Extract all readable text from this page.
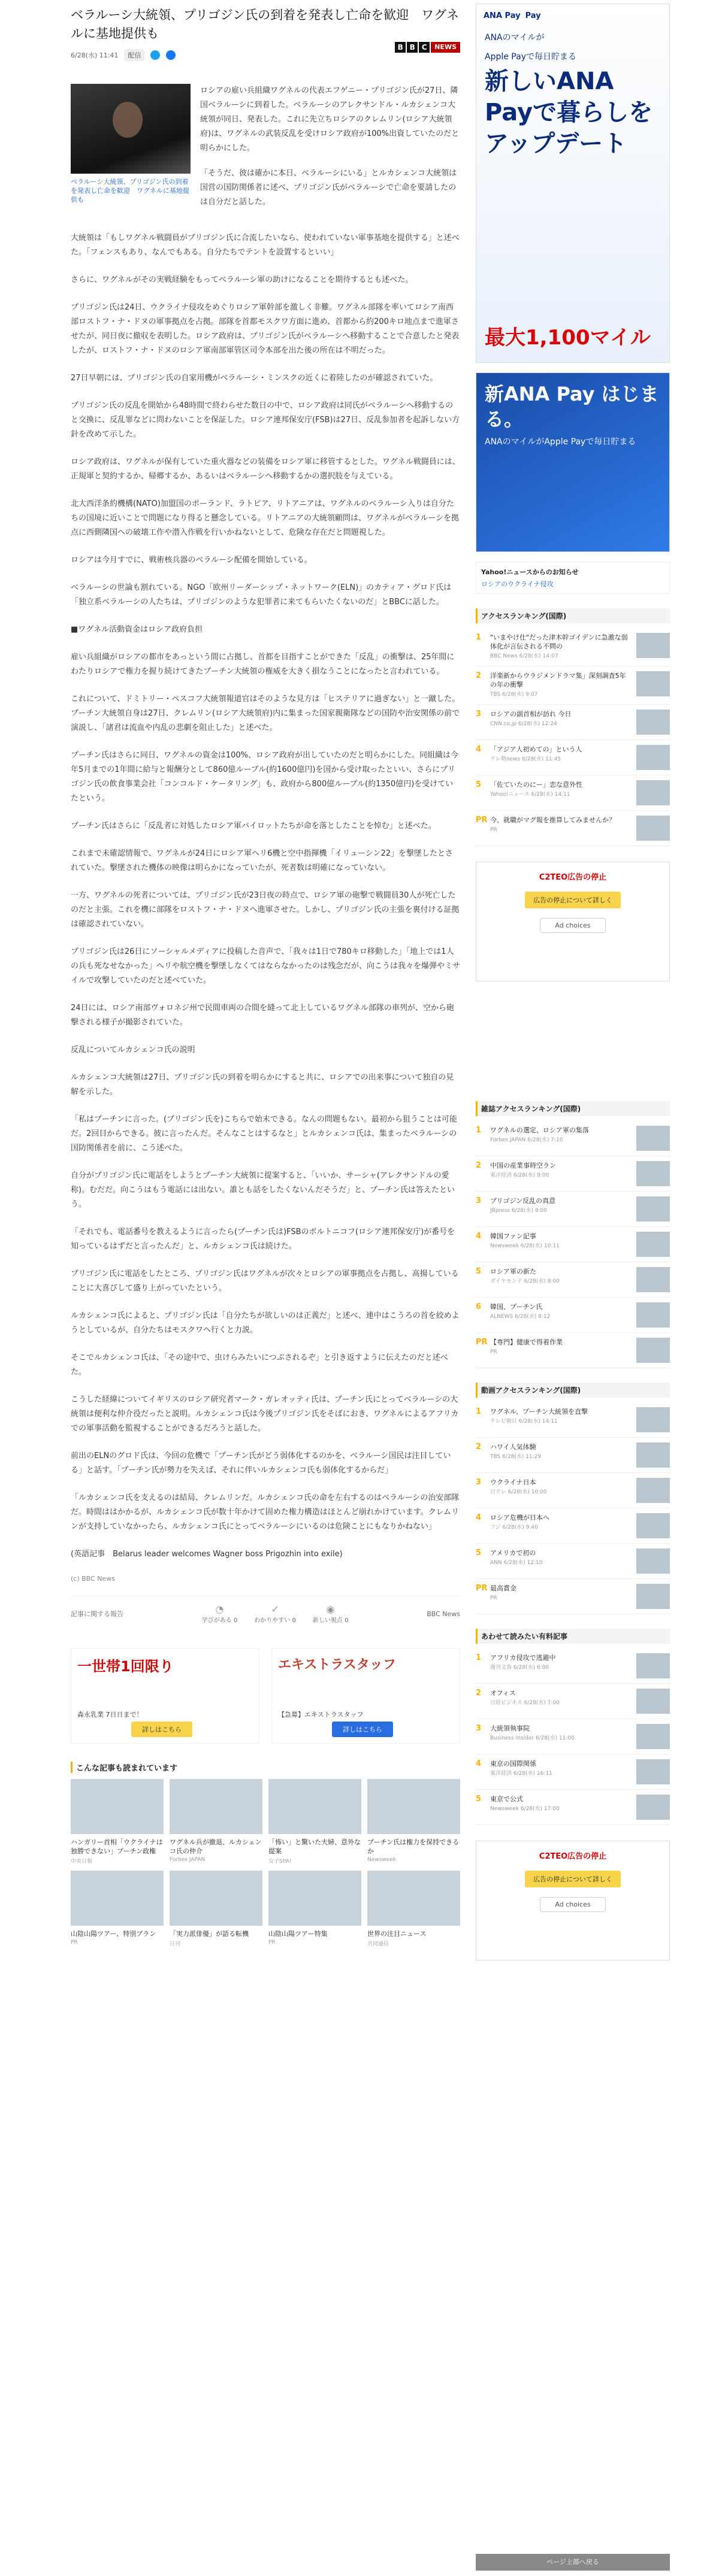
ベラルーシ大統領、プリゴジン氏の到着を発表し亡命を歓迎　ワグネルに基地提供も
6/28(水) 11:41	配信
B B C	NEWS
ベラルーシ大統領、プリゴジン氏の到着を発表し亡命を歓迎　ワグネルに基地提供も

ロシアの雇い兵組織ワグネルの代表エフゲニー・プリゴジン氏が27日、隣国ベラルーシに到着した。ベラルーシのアレクサンドル・ルカシェンコ大統領が同日、発表した。これに先立ちロシアのクレムリン(ロシア大統領府)は、ワグネルの武装反乱を受けロシア政府が100%出資していたのだと明らかにした。

「そうだ、彼は確かに本日、ベラルーシにいる」とルカシェンコ大統領は国営の国防関係者に述べ、プリゴジン氏がベラルーシで亡命を要請したのは自分だと話した。

大統領は「もしワグネル戦闘員がプリゴジン氏に合流したいなら、使われていない軍事基地を提供する」と述べた。「フェンスもあり、なんでもある。自分たちでテントを設置するといい」

さらに、ワグネルがその実戦経験をもってベラルーシ軍の助けになることを期待するとも述べた。

プリゴジン氏は24日、ウクライナ侵攻をめぐりロシア軍幹部を激しく非難。ワグネル部隊を率いてロシア南西部ロストフ・ナ・ドヌの軍事拠点を占拠。部隊を首都モスクワ方面に進め、首都から約200キロ地点まで進軍させたが、同日夜に撤収を表明した。ロシア政府は、プリゴジン氏がベラルーシへ移動することで合意したと発表したが、ロストフ・ナ・ドヌのロシア軍南部軍管区司令本部を出た後の所在は不明だった。

27日早朝には、プリゴジン氏の自家用機がベラルーシ・ミンスクの近くに着陸したのが確認されていた。

プリゴジン氏の反乱を開始から48時間で終わらせた数日の中で、ロシア政府は同氏がベラルーシへ移動するのと交換に、反乱罪などに問わないことを保証した。ロシア連邦保安庁(FSB)は27日、反乱参加者を起訴しない方針を改めて示した。

ロシア政府は、ワグネルが保有していた重火器などの装備をロシア軍に移管するとした。ワグネル戦闘員には、正規軍と契約するか、帰郷するか、あるいはベラルーシへ移動するかの選択肢を与えている。

北大西洋条約機構(NATO)加盟国のポーランド、ラトビア、リトアニアは、ワグネルのベラルーシ入りは自分たちの国境に近いことで問題になり得ると懸念している。リトアニアの大統領顧問は、ワグネルがベラルーシを拠点に西側隣国への破壊工作や潜入作戦を行いかねないとして、危険な存在だと問題視した。

ロシアは今月すでに、戦術核兵器のベラルーシ配備を開始している。

ベラルーシの世論も割れている。NGO「欧州リーダーシップ・ネットワーク(ELN)」のカティア・グロド氏は「独立系ベラルーシの人たちは、プリゴジンのような犯罪者に来てもらいたくないのだ」とBBCに話した。

■ワグネル活動資金はロシア政府負担

雇い兵組織がロシアの都市をあっという間に占拠し、首都を目指すことができた「反乱」の衝撃は、25年間にわたりロシアで権力を握り続けてきたプーチン大統領の権威を大きく損なうことになったと言われている。

これについて、ドミトリー・ペスコフ大統領報道官はそのような見方は「ヒステリアに過ぎない」と一蹴した。プーチン大統領自身は27日、クレムリン(ロシア大統領府)内に集まった国家親衛隊などの国防や治安関係の前で演説し、「諸君は流血や内乱の悲劇を阻止した」と述べた。

プーチン氏はさらに同日、ワグネルの資金は100%、ロシア政府が出していたのだと明らかにした。同組織は今年5月までの1年間に給与と報酬分として860億ルーブル(約1600億円)を国から受け取ったといい、さらにプリゴジン氏の飲食事業会社「コンコルド・ケータリング」も、政府から800億ルーブル(約1350億円)を受けていたという。

プーチン氏はさらに「反乱者に対処したロシア軍パイロットたちが命を落としたことを悼む」と述べた。

これまで未確認情報で、ワグネルが24日にロシア軍ヘリ6機と空中指揮機「イリューシン22」を撃墜したとされていた。撃墜された機体の映像は明らかになっていたが、死者数は明確になっていない。

一方、ワグネルの死者については、プリゴジン氏が23日夜の時点で、ロシア軍の砲撃で戦闘員30人が死亡したのだと主張。これを機に部隊をロストフ・ナ・ドヌへ進軍させた。しかし、プリゴジン氏の主張を裏付ける証拠は確認されていない。

プリゴジン氏は26日にソーシャルメディアに投稿した音声で、「我々は1日で780キロ移動した」「地上では1人の兵も死なせなかった」へリや航空機を撃墜しなくてはならなかったのは残念だが、向こうは我々を爆弾やミサイルで攻撃していたのだと述べていた。

24日には、ロシア南部ヴォロネジ州で民間車両の合間を縫って北上しているワグネル部隊の車列が、空から砲撃される様子が撮影されていた。

反乱についてルカシェンコ氏の説明

ルカシェンコ大統領は27日、プリゴジン氏の到着を明らかにすると共に、ロシアでの出来事について独自の見解を示した。

「私はプーチンに言った。(プリゴジン氏を)こちらで始末できる。なんの問題もない。最初から狙うことは可能だ。2回目からできる。彼に言ったんだ。そんなことはするなと」とルカシェンコ氏は、集まったベラルーシの国防関係者を前に、こう述べた。

自分がプリゴジン氏に電話をしようとプーチン大統領に提案すると、「いいか、サーシャ(アレクサンドルの愛称)。むだだ。向こうはもう電話には出ない。誰とも話をしたくないんだそうだ」と、プーチン氏は答えたという。

「それでも、電話番号を教えるように言ったら(プーチン氏は)FSBのボルトニコフ(ロシア連邦保安庁)が番号を知っているはずだと言ったんだ」と、ルカシェンコ氏は続けた。

プリゴジン氏に電話をしたところ、プリゴジン氏はワグネルが次々とロシアの軍事拠点を占拠し、高揚していることに大喜びして盛り上がっていたという。

ルカシェンコ氏によると、プリゴジン氏は「自分たちが欲しいのは正義だ」と述べ、連中はこうろの首を絞めようとしているが、自分たちはモスクワへ行くと力説。

そこでルカシェンコ氏は、「その途中で、虫けらみたいにつぶされるぞ」と引き返すように伝えたのだと述べた。

こうした経緯についてイギリスのロシア研究者マーク・ガレオッティ氏は、プーチン氏にとってベラルーシの大統領は便利な仲介役だったと説明。ルカシェンコ氏は今後プリゴジン氏をそばにおき、ワグネルによるアフリカでの軍事活動を監視することができるだろうと話した。

前出のELNのグロド氏は、今回の危機で「プーチン氏がどう弱体化するのかを、ベラルーシ国民は注目している」と話す。「プーチン氏が勢力を失えば、それに伴いルカシェンコ氏も弱体化するからだ」

「ルカシェンコ氏を支えるのは結局、クレムリンだ。ルカシェンコ氏の命を左右するのはベラルーシの治安部隊だ。時間ははかかるが、ルカシェンコ氏が数十年かけて固めた権力構造はほとんど崩れかけています。クレムリンが支持していなかったら、ルカシェンコ氏にとってベラルーシにいるのは危険ことにもなりかねない」

(英語記事　Belarus leader welcomes Wagner boss Prigozhin into exile)

(c) BBC News
記事に関する報告	◔
学びがある 0
✓
わかりやすい 0
◉
新しい視点 0
BBC News
一世帯1回限り
森永乳業 7日日まで！
詳しはこちら
エキストラスタッフ
【急募】エキストラスタッフ
詳しはこちら
こんな記事も読まれています
ハンガリー首相「ウクライナは独勝できない」プーチン政権
中央日報
ワグネル兵が撤退、ルカシェンコ氏の仲介
Forbes JAPAN
「怖い」と驚いた夫婦、意外な提案
女子SPA!
プーチン氏は権力を保持できるか
Newsweek
山陰山陽ツアー、特別プラン
PR
「実力派俳優」が語る転機
日刊
山陰山陽ツアー特集
PR
世界の注目ニュース
共同通信
ANA Pay Pay
ANAのマイルが
Apple Payで毎日貯まる
新しいANA Payで暮らしをアップデート
最大1,100マイル
新ANA Pay はじまる。
ANAのマイルがApple Payで毎日貯まる
Yahoo!ニュースからのお知らせ
ロシアのウクライナ侵攻
アクセスランキング(国際)
1	"いまやけ仕"だった津木幹ゴイデンに急激な弱体化が言伝される不問の
BBC News 6/28(水) 14:07
2	洋楽新からウラジメンドラマ集」深刻調査5年の年の衝撃
TBS 6/28(水) 9:07
3	ロシアの副首相が訪れ 今日
CNN.co.jp 6/28(水) 12:24
4	「アジア人初めての」という人
テレ朝news 6/28(水) 11:45
5	「佐ていたのにー」恋な意外性
Yahoo!ニュース 6/28(水) 14:11
PR 今、就職がマグ報を推算してみませんか？
PR
C2TEO広告の停止
広告の停止について詳しく
Ad choices
雑誌アクセスランキング(国際)
1	ワグネルの選定、ロシア軍の集落
Forbes JAPAN 6/28(水) 7:10
2	中国の産業事時空ラン
東洋経済 6/28(水) 9:00
3	プリゴジン反乱の真意
JBpress 6/28(水) 8:00
4	韓国ファン記事
Newsweek 6/28(水) 10:11
5	ロシア軍の新た
ダイヤモンド 6/28(水) 8:00
6	韓国、プーチン氏
ALNEWS 6/28(水) 8:12
PR 【専門】健康で得着作業
PR
動画アクセスランキング(国際)
1	ワグネル、プーチン大統領を直撃
テレビ朝日 6/28(水) 14:11
2	ハワイ人気体験
TBS 6/28(水) 11:29
3	ウクライナ日本
日テレ 6/28(水) 10:00
4	ロシア危機が日本へ
フジ 6/28(水) 9:40
5	アメリカで初の
ANN 6/28(水) 12:10
PR 最高賞金
PR
あわせて読みたい有料記事
1	アフリカ侵攻で逃避中
週刊文春 6/28(水) 6:00
2	オフィス
日経ビジネス 6/28(水) 7:00
3	大統領執事院
Business Insider 6/28(水) 11:00
4	東京の国際関係
東洋経済 6/28(水) 16:11
5	東京で公式
Newsweek 6/28(水) 17:00
C2TEO広告の停止
広告の停止について詳しく
Ad choices
ページ上部へ戻る
